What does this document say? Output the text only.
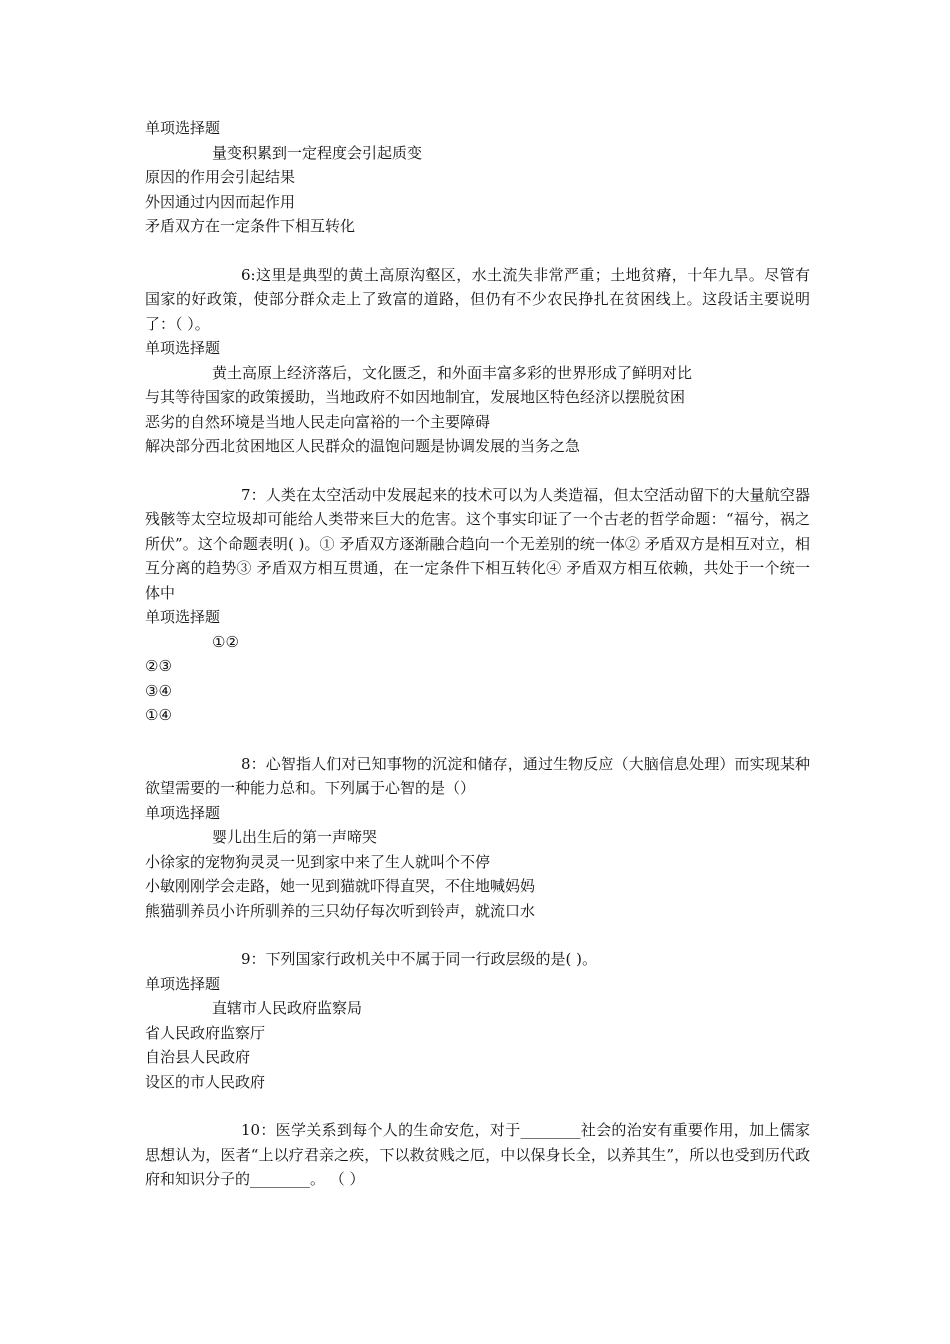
单项选择题
量变积累到一定程度会引起质变
原因的作用会引起结果
外因通过内因而起作用
矛盾双方在一定条件下相互转化
6:这里是典型的黄土高原沟壑区，水土流失非常严重；土地贫瘠，十年九旱。尽管有国家的好政策，使部分群众走上了致富的道路，但仍有不少农民挣扎在贫困线上。这段话主要说明了：（ ）。
单项选择题
黄土高原上经济落后，文化匮乏，和外面丰富多彩的世界形成了鲜明对比
与其等待国家的政策援助，当地政府不如因地制宜，发展地区特色经济以摆脱贫困
恶劣的自然环境是当地人民走向富裕的一个主要障碍
解决部分西北贫困地区人民群众的温饱问题是协调发展的当务之急
7：人类在太空活动中发展起来的技术可以为人类造福，但太空活动留下的大量航空器残骸等太空垃圾却可能给人类带来巨大的危害。这个事实印证了一个古老的哲学命题：“福兮，祸之所伏”。这个命题表明( )。① 矛盾双方逐渐融合趋向一个无差别的统一体② 矛盾双方是相互对立，相互分离的趋势③ 矛盾双方相互贯通，在一定条件下相互转化④ 矛盾双方相互依赖，共处于一个统一体中
单项选择题
①②
②③
③④
①④
8：心智指人们对已知事物的沉淀和储存，通过生物反应（大脑信息处理）而实现某种欲望需要的一种能力总和。下列属于心智的是（）
单项选择题
婴儿出生后的第一声啼哭
小徐家的宠物狗灵灵一见到家中来了生人就叫个不停
小敏刚刚学会走路，她一见到猫就吓得直哭，不住地喊妈妈
熊猫驯养员小许所驯养的三只幼仔每次听到铃声，就流口水
9：下列国家行政机关中不属于同一行政层级的是( )。
单项选择题
直辖市人民政府监察局
省人民政府监察厅
自治县人民政府
设区的市人民政府
10：医学关系到每个人的生命安危，对于________社会的治安有重要作用，加上儒家思想认为，医者“上以疗君亲之疾，下以救贫贱之厄，中以保身长全，以养其生”，所以也受到历代政府和知识分子的________。 （ ）
